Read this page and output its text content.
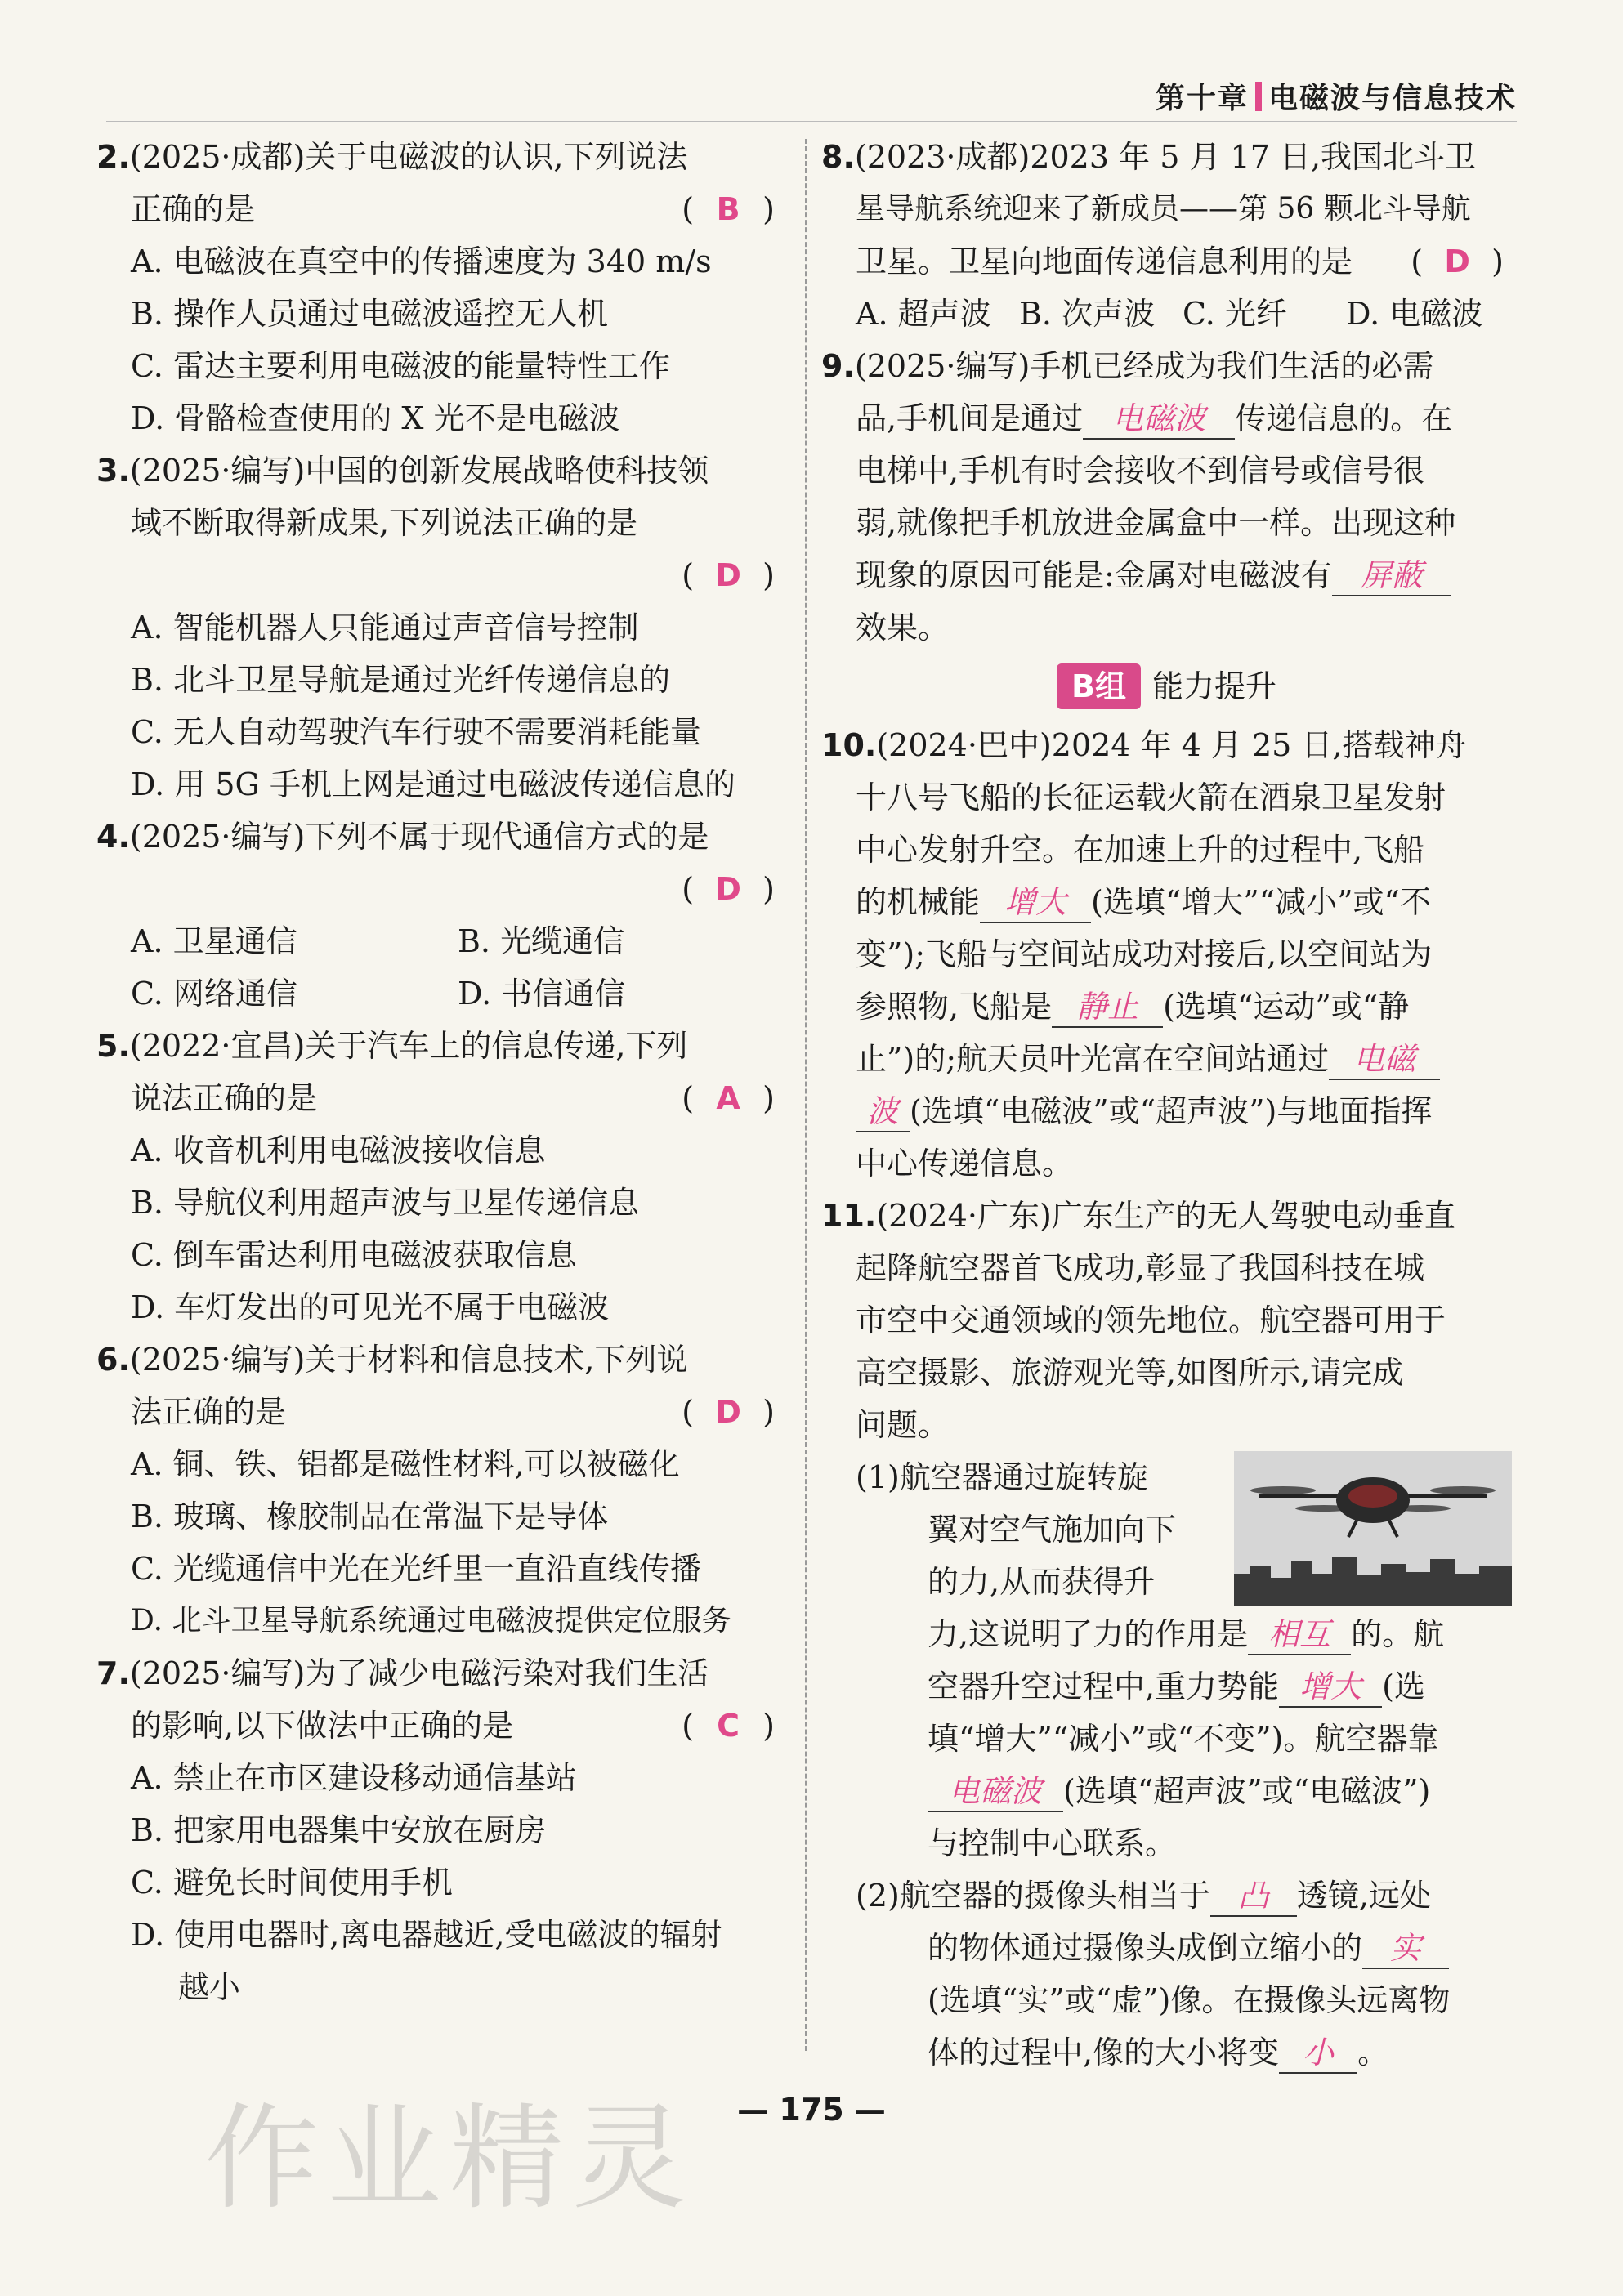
第十章 电磁波与信息技术
2.(2025·成都)关于电磁波的认识,下列说法
正确的是	( B )
A. 电磁波在真空中的传播速度为 340 m/s
B. 操作人员通过电磁波遥控无人机
C. 雷达主要利用电磁波的能量特性工作
D. 骨骼检查使用的 X 光不是电磁波
3.(2025·编写)中国的创新发展战略使科技领
域不断取得新成果,下列说法正确的是
( D )

A. 智能机器人只能通过声音信号控制
B. 北斗卫星导航是通过光纤传递信息的
C. 无人自动驾驶汽车行驶不需要消耗能量
D. 用 5G 手机上网是通过电磁波传递信息的
4.(2025·编写)下列不属于现代通信方式的是
( D )

A. 卫星通信	B. 光缆通信
C. 网络通信	D. 书信通信
5.(2022·宜昌)关于汽车上的信息传递,下列
说法正确的是	( A )
A. 收音机利用电磁波接收信息
B. 导航仪利用超声波与卫星传递信息
C. 倒车雷达利用电磁波获取信息
D. 车灯发出的可见光不属于电磁波
6.(2025·编写)关于材料和信息技术,下列说
法正确的是	( D )
A. 铜、铁、铝都是磁性材料,可以被磁化
B. 玻璃、橡胶制品在常温下是导体
C. 光缆通信中光在光纤里一直沿直线传播
D. 北斗卫星导航系统通过电磁波提供定位服务
7.(2025·编写)为了减少电磁污染对我们生活
的影响,以下做法中正确的是	( C )
A. 禁止在市区建设移动通信基站
B. 把家用电器集中安放在厨房
C. 避免长时间使用手机
D. 使用电器时,离电器越近,受电磁波的辐射
越小
8.(2023·成都)2023 年 5 月 17 日,我国北斗卫
星导航系统迎来了新成员——第 56 颗北斗导航
卫星。卫星向地面传递信息利用的是 ( D )
A. 超声波 B. 次声波 C. 光纤 D. 电磁波
9.(2025·编写)手机已经成为我们生活的必需
品,手机间是通过 电磁波 传递信息的。在
电梯中,手机有时会接收不到信号或信号很
弱,就像把手机放进金属盒中一样。出现这种
现象的原因可能是:金属对电磁波有 屏蔽
效果。
B组 能力提升
10.(2024·巴中)2024 年 4 月 25 日,搭载神舟
十八号飞船的长征运载火箭在酒泉卫星发射
中心发射升空。在加速上升的过程中,飞船
的机械能 增大 (选填“增大”“减小”或“不
变”);飞船与空间站成功对接后,以空间站为
参照物,飞船是 静止 (选填“运动”或“静
止”)的;航天员叶光富在空间站通过 电磁
波 (选填“电磁波”或“超声波”)与地面指挥
中心传递信息。
11.(2024·广东)广东生产的无人驾驶电动垂直
起降航空器首飞成功,彰显了我国科技在城
市空中交通领域的领先地位。航空器可用于
高空摄影、旅游观光等,如图所示,请完成
问题。
(1)航空器通过旋转旋
翼对空气施加向下
的力,从而获得升
力,这说明了力的作用是 相互 的。航
空器升空过程中,重力势能 增大 (选
填“增大”“减小”或“不变”)。航空器靠
电磁波 (选填“超声波”或“电磁波”)
与控制中心联系。
(2)航空器的摄像头相当于 凸 透镜,远处
的物体通过摄像头成倒立缩小的 实
(选填“实”或“虚”)像。在摄像头远离物
体的过程中,像的大小将变 小 。
— 175 —
作业精灵
